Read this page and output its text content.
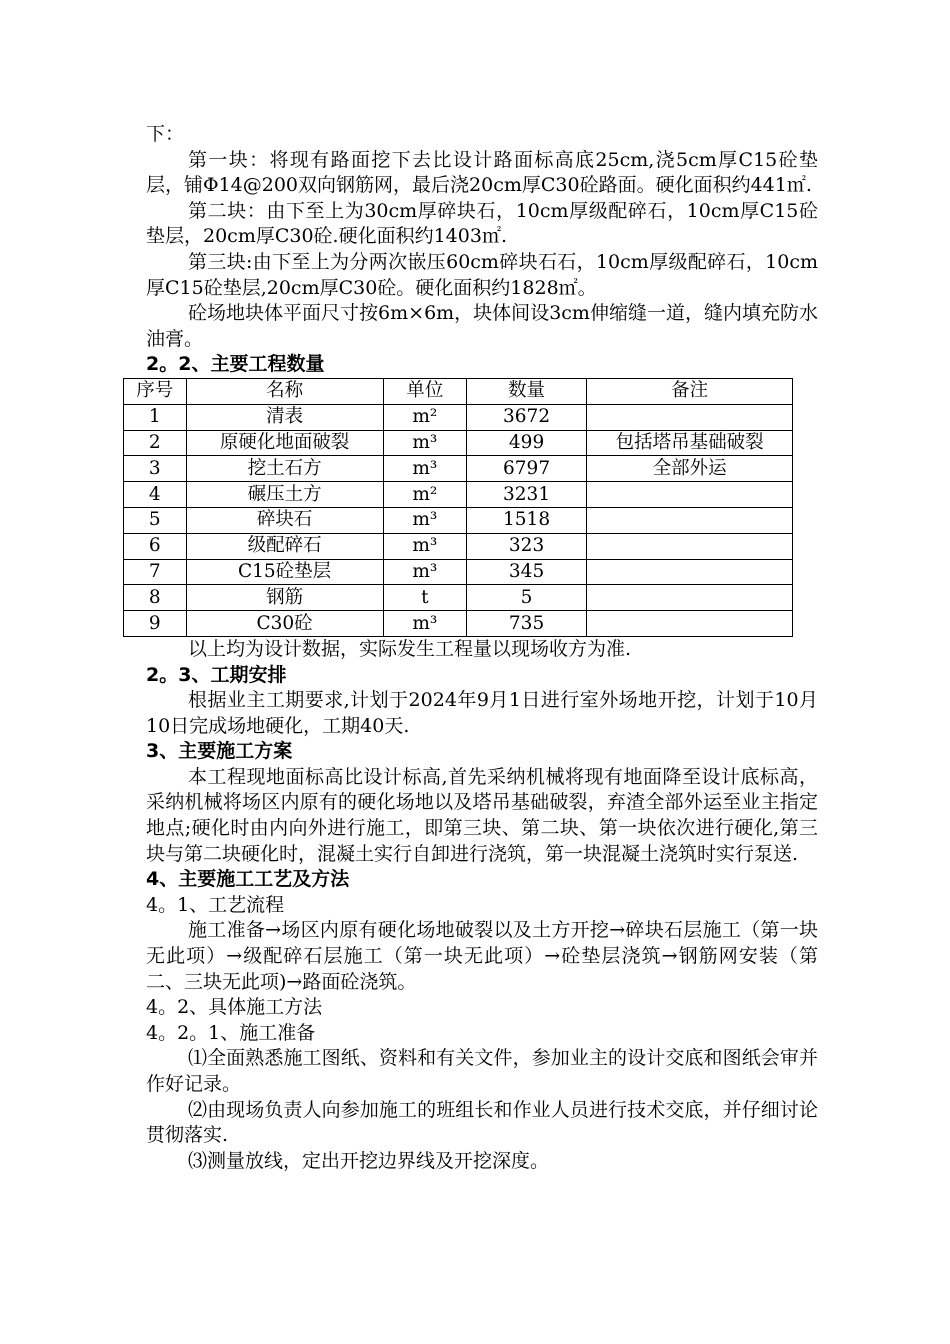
下：

第一块：将现有路面挖下去比设计路面标高底25cm,浇5cm厚C15砼垫层，铺Φ14@200双向钢筋网，最后浇20cm厚C30砼路面。硬化面积约441㎡.

第二块：由下至上为30cm厚碎块石，10cm厚级配碎石，10cm厚C15砼垫层，20cm厚C30砼.硬化面积约1403㎡.

第三块:由下至上为分两次嵌压60cm碎块石石，10cm厚级配碎石，10cm厚C15砼垫层,20cm厚C30砼。硬化面积约1828㎡。

砼场地块体平面尺寸按6m×6m，块体间设3cm伸缩缝一道，缝内填充防水油膏。

2。2、主要工程数量

序号	名称	单位	数量	备注
1	清表	m²	3672	
2	原硬化地面破裂	m³	499	包括塔吊基础破裂
3	挖土石方	m³	6797	全部外运
4	碾压土方	m²	3231	
5	碎块石	m³	1518	
6	级配碎石	m³	323	
7	C15砼垫层	m³	345	
8	钢筋	t	5	
9	C30砼	m³	735	

以上均为设计数据，实际发生工程量以现场收方为准.

2。3、工期安排

根据业主工期要求,计划于2024年9月1日进行室外场地开挖，计划于10月10日完成场地硬化，工期40天.

3、主要施工方案

本工程现地面标高比设计标高,首先采纳机械将现有地面降至设计底标高，采纳机械将场区内原有的硬化场地以及塔吊基础破裂，弃渣全部外运至业主指定地点;硬化时由内向外进行施工，即第三块、第二块、第一块依次进行硬化,第三块与第二块硬化时，混凝土实行自卸进行浇筑，第一块混凝土浇筑时实行泵送.

4、主要施工工艺及方法

4。1、工艺流程

施工准备→场区内原有硬化场地破裂以及土方开挖→碎块石层施工（第一块无此项）→级配碎石层施工（第一块无此项）→砼垫层浇筑→钢筋网安装（第二、三块无此项)→路面砼浇筑。

4。2、具体施工方法

4。2。1、施工准备

⑴全面熟悉施工图纸、资料和有关文件，参加业主的设计交底和图纸会审并作好记录。

⑵由现场负责人向参加施工的班组长和作业人员进行技术交底，并仔细讨论贯彻落实.

⑶测量放线，定出开挖边界线及开挖深度。
